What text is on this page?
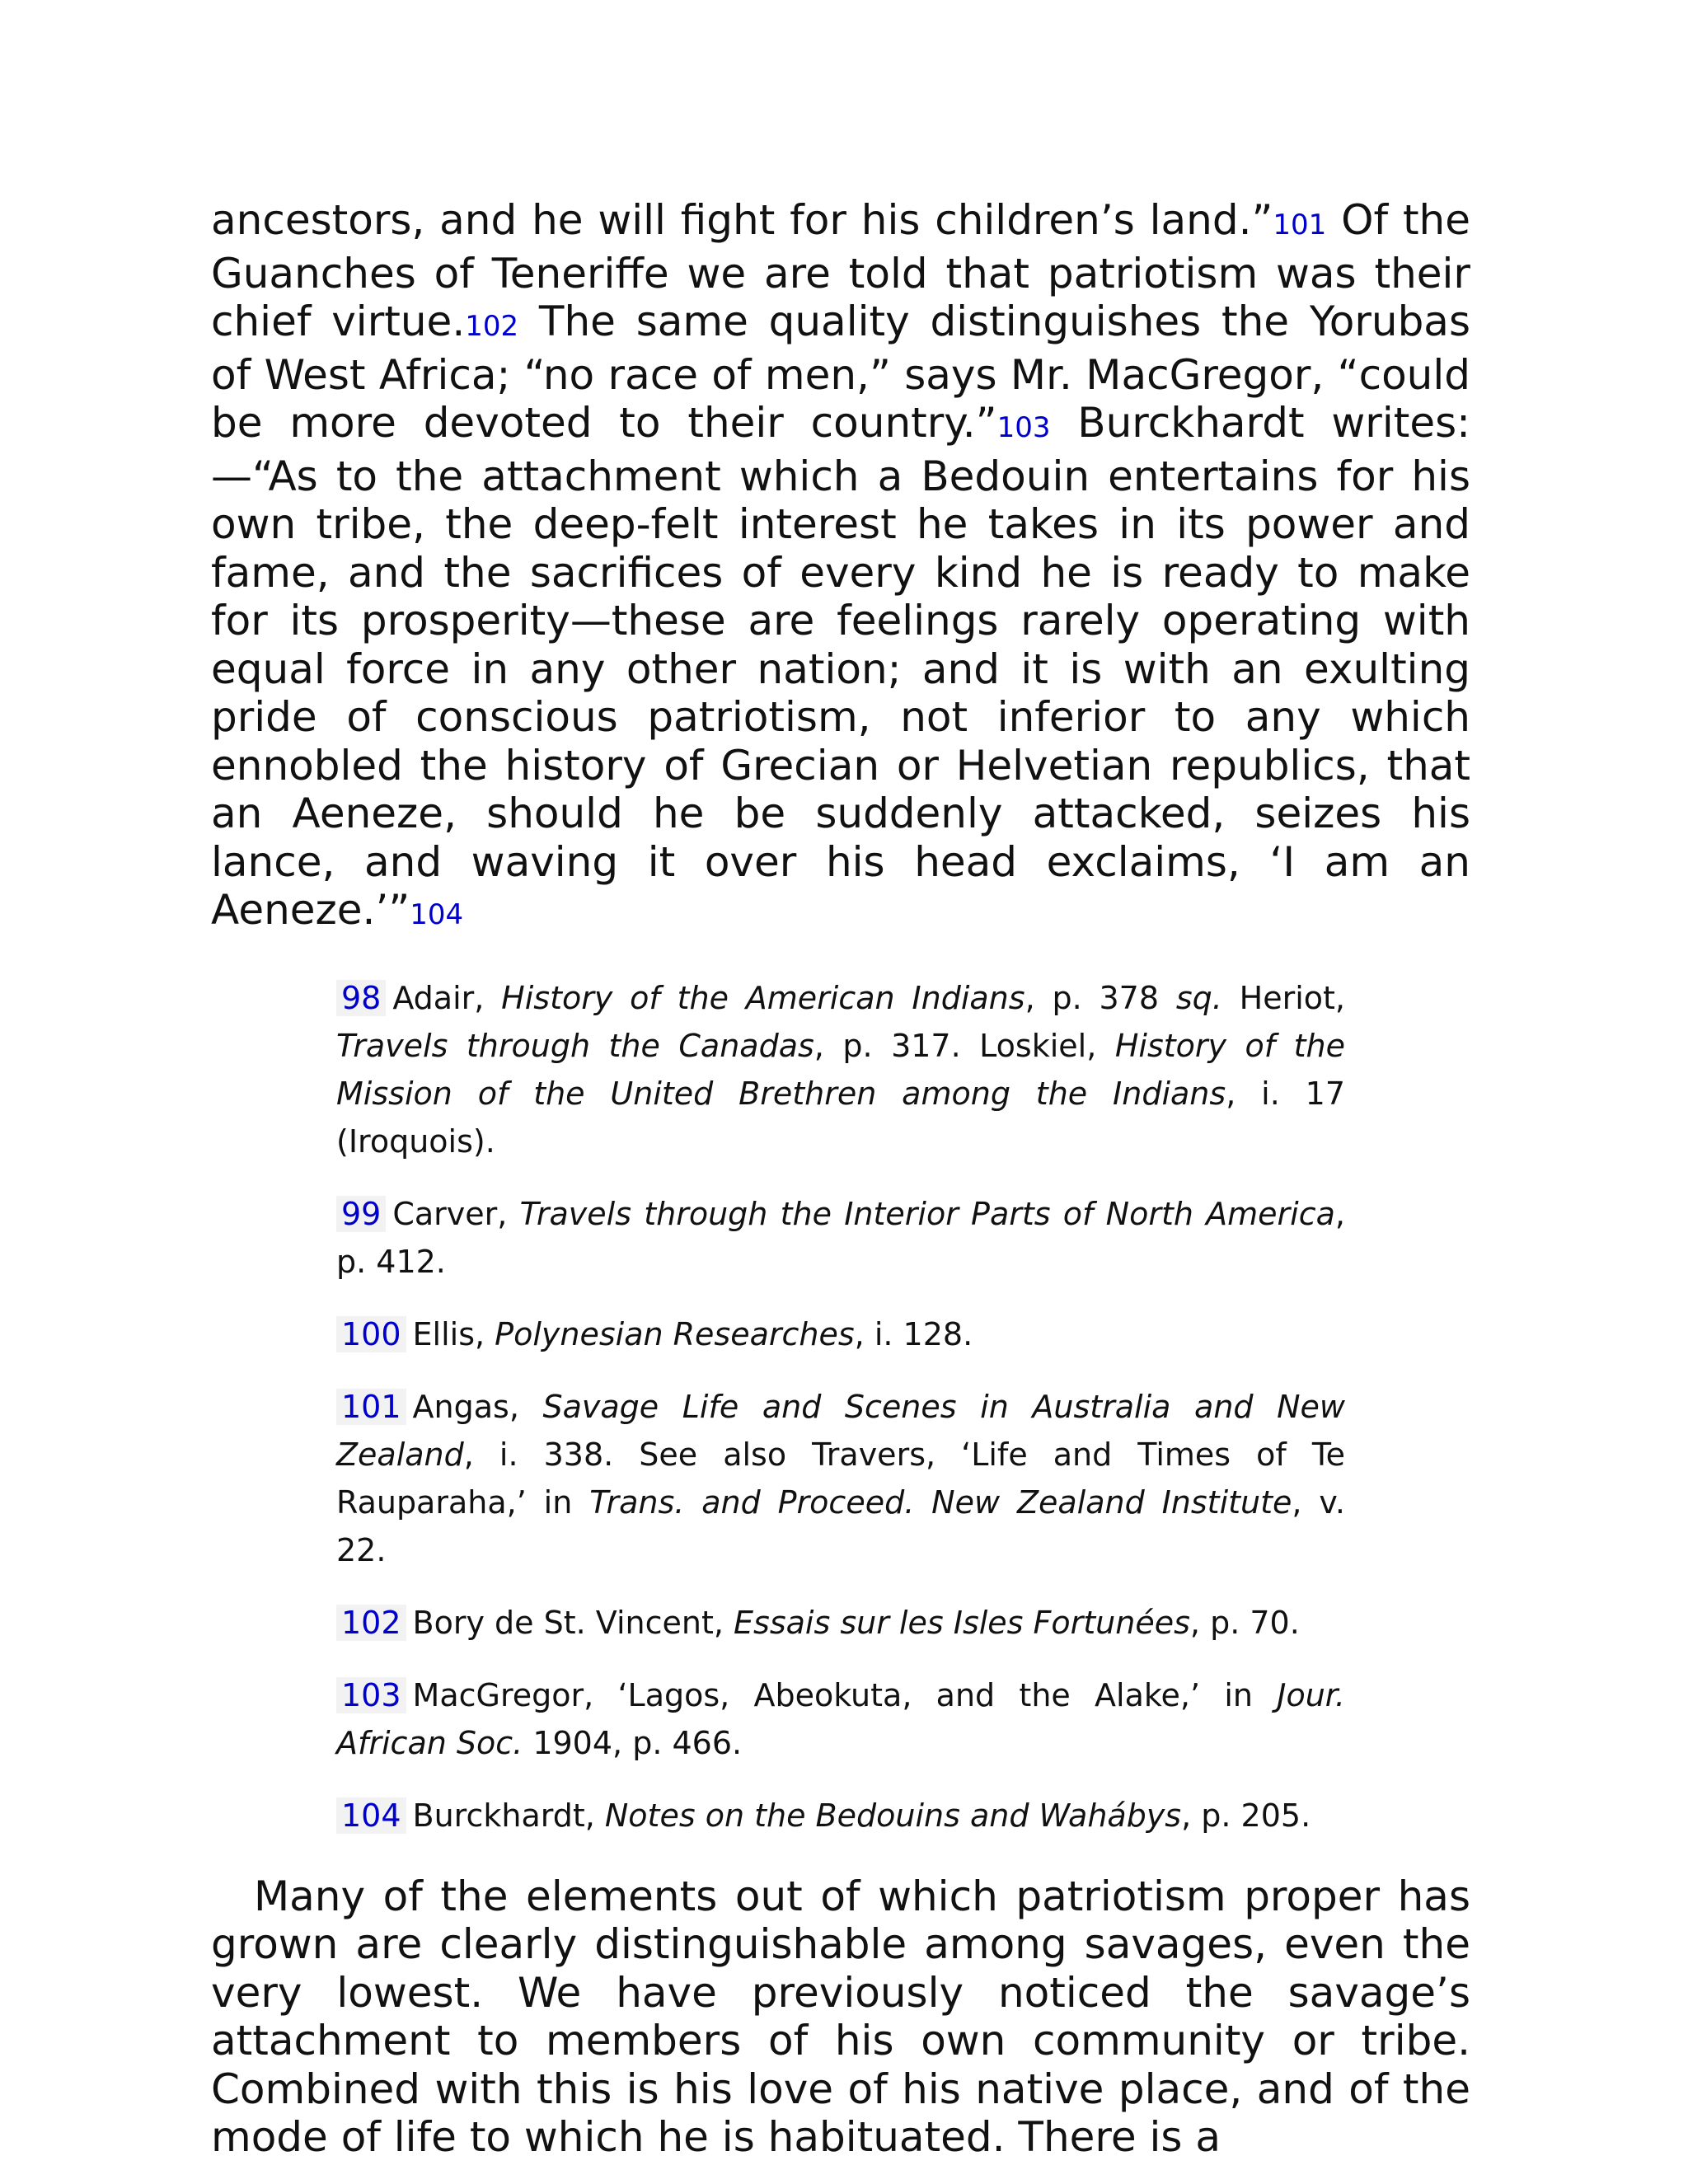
ancestors, and he will fight for his children’s land.”101 Of the Guanches of Teneriffe we are told that patriotism was their chief virtue.102 The same quality distinguishes the Yorubas of West Africa; “no race of men,” says Mr. MacGregor, “could be more devoted to their country.”103 Burckhardt writes:—“As to the attachment which a Bedouin entertains for his own tribe, the deep-felt interest he takes in its power and fame, and the sacrifices of every kind he is ready to make for its prosperity—these are feelings rarely operating with equal force in any other nation; and it is with an exulting pride of conscious patriotism, not inferior to any which ennobled the history of Grecian or Helvetian republics, that an Aeneze, should he be suddenly attacked, seizes his lance, and waving it over his head exclaims, ‘I am an Aeneze.’”104

98 Adair, History of the American Indians, p. 378 sq. Heriot, Travels through the Canadas, p. 317. Loskiel, History of the Mission of the United Brethren among the Indians, i. 17 (Iroquois).

99 Carver, Travels through the Interior Parts of North America, p. 412.

100 Ellis, Polynesian Researches, i. 128.

101 Angas, Savage Life and Scenes in Australia and New Zealand, i. 338. See also Travers, ‘Life and Times of Te Rauparaha,’ in Trans. and Proceed. New Zealand Institute, v. 22.

102 Bory de St. Vincent, Essais sur les Isles Fortunées, p. 70.

103 MacGregor, ‘Lagos, Abeokuta, and the Alake,’ in Jour. African Soc. 1904, p. 466.

104 Burckhardt, Notes on the Bedouins and Wahábys, p. 205.

Many of the elements out of which patriotism proper has grown are clearly distinguishable among savages, even the very lowest. We have previously noticed the savage’s attachment to members of his own community or tribe. Combined with this is his love of his native place, and of the mode of life to which he is habituated. There is a
